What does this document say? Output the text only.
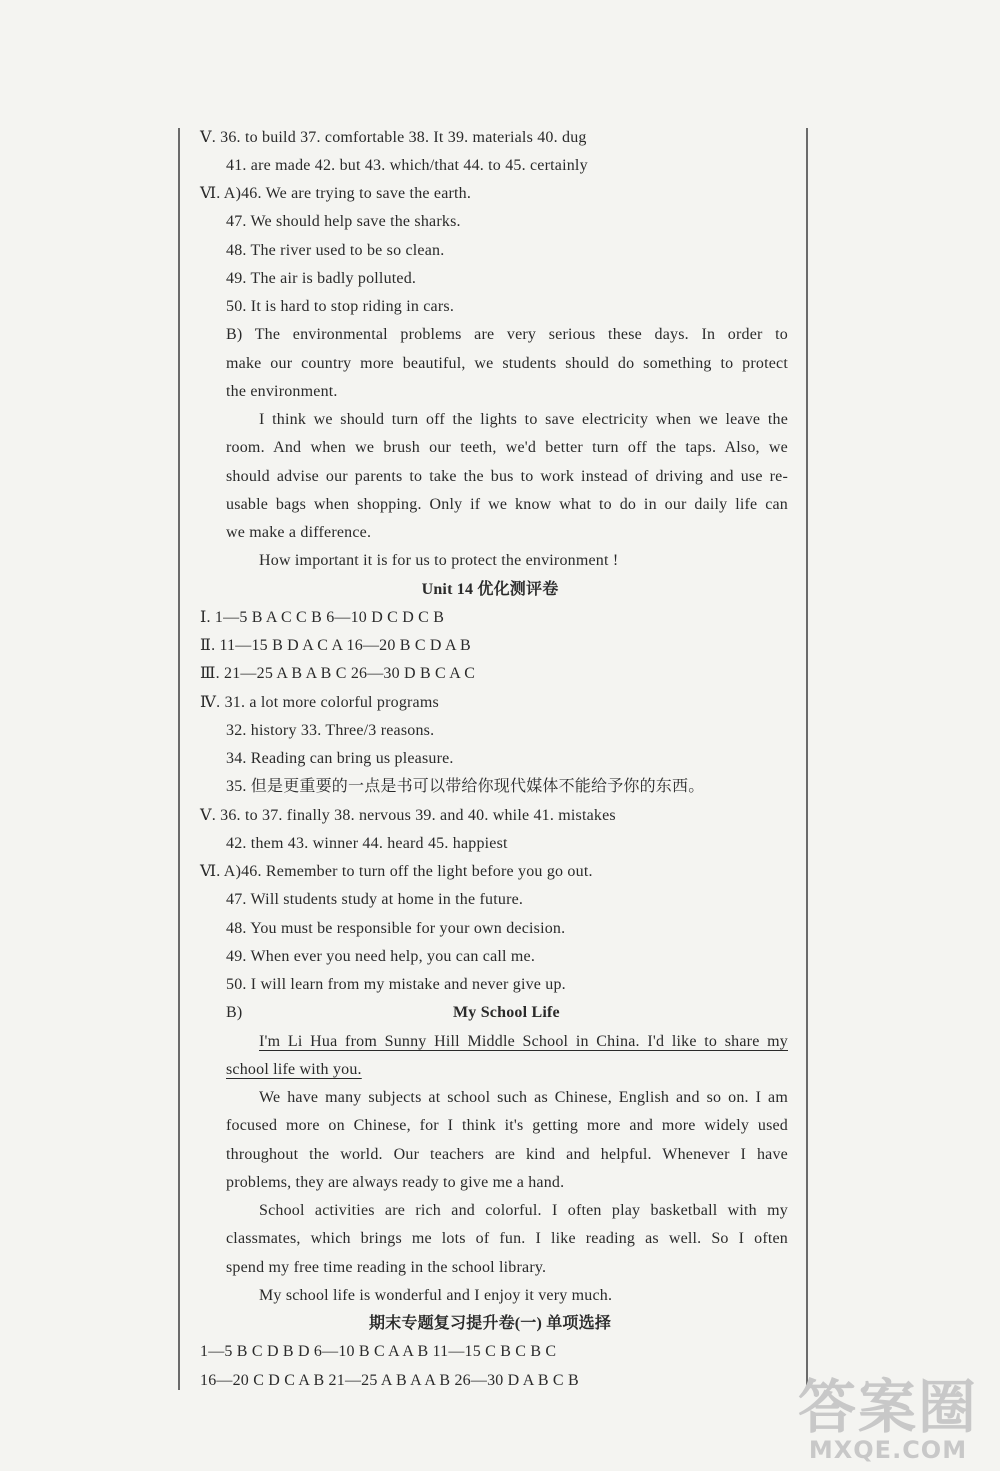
Ⅴ. 36. to build 37. comfortable 38. It 39. materials 40. dug
41. are made 42. but 43. which/that 44. to 45. certainly
Ⅵ. A)46. We are trying to save the earth.
47. We should help save the sharks.
48. The river used to be so clean.
49. The air is badly polluted.
50. It is hard to stop riding in cars.
B) The environmental problems are very serious these days. In order to
make our country more beautiful, we students should do something to protect
the environment.
I think we should turn off the lights to save electricity when we leave the
room. And when we brush our teeth, we'd better turn off the taps. Also, we
should advise our parents to take the bus to work instead of driving and use re-
usable bags when shopping. Only if we know what to do in our daily life can
we make a difference.
How important it is for us to protect the environment !
Unit 14 优化测评卷
Ⅰ. 1—5 B A C C B 6—10 D C D C B
Ⅱ. 11—15 B D A C A 16—20 B C D A B
Ⅲ. 21—25 A B A B C 26—30 D B C A C
Ⅳ. 31. a lot more colorful programs
32. history 33. Three/3 reasons.
34. Reading can bring us pleasure.
35. 但是更重要的一点是书可以带给你现代媒体不能给予你的东西。
Ⅴ. 36. to 37. finally 38. nervous 39. and 40. while 41. mistakes
42. them 43. winner 44. heard 45. happiest
Ⅵ. A)46. Remember to turn off the light before you go out.
47. Will students study at home in the future.
48. You must be responsible for your own decision.
49. When ever you need help, you can call me.
50. I will learn from my mistake and never give up.
B)	My School Life
I'm Li Hua from Sunny Hill Middle School in China. I'd like to share my
school life with you.
We have many subjects at school such as Chinese, English and so on. I am
focused more on Chinese, for I think it's getting more and more widely used
throughout the world. Our teachers are kind and helpful. Whenever I have
problems, they are always ready to give me a hand.
School activities are rich and colorful. I often play basketball with my
classmates, which brings me lots of fun. I like reading as well. So I often
spend my free time reading in the school library.
My school life is wonderful and I enjoy it very much.
期末专题复习提升卷(一) 单项选择
1—5 B C D B D 6—10 B C A A B 11—15 C B C B C
16—20 C D C A B 21—25 A B A A B 26—30 D A B C B	答案圈
MXQE.COM
